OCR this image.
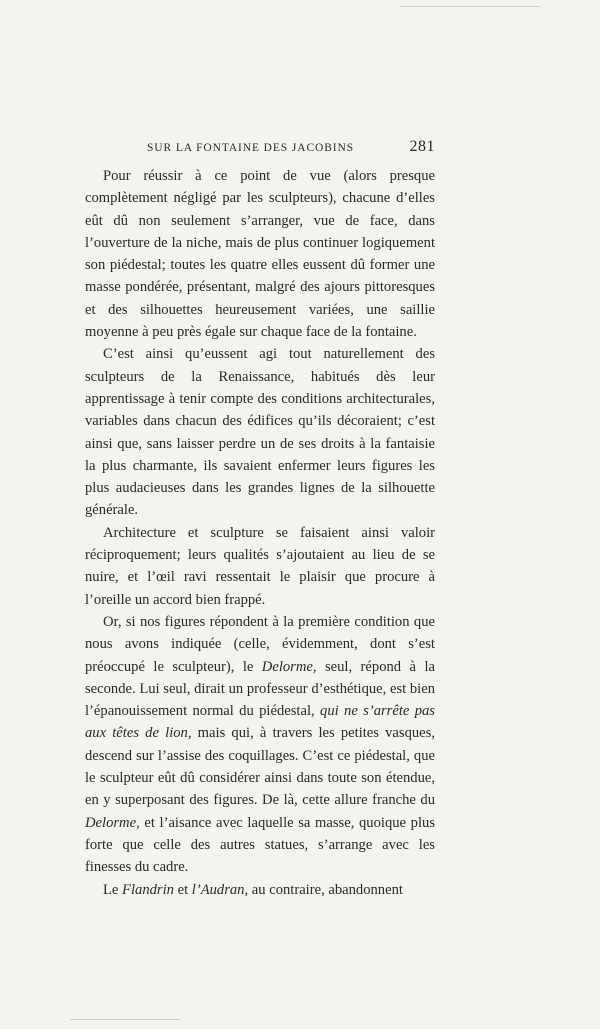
SUR LA FONTAINE DES JACOBINS	281

Pour réussir à ce point de vue (alors presque complètement négligé par les sculpteurs), chacune d’elles eût dû non seulement s’arranger, vue de face, dans l’ouverture de la niche, mais de plus continuer logiquement son piédestal; toutes les quatre elles eussent dû former une masse pondérée, présentant, malgré des ajours pittoresques et des silhouettes heureusement variées, une saillie moyenne à peu près égale sur chaque face de la fontaine.

C’est ainsi qu’eussent agi tout naturellement des sculpteurs de la Renaissance, habitués dès leur apprentissage à tenir compte des conditions architecturales, variables dans chacun des édifices qu’ils décoraient; c’est ainsi que, sans laisser perdre un de ses droits à la fantaisie la plus charmante, ils savaient enfermer leurs figures les plus audacieuses dans les grandes lignes de la silhouette générale.

Architecture et sculpture se faisaient ainsi valoir réciproquement; leurs qualités s’ajoutaient au lieu de se nuire, et l’œil ravi ressentait le plaisir que procure à l’oreille un accord bien frappé.

Or, si nos figures répondent à la première condition que nous avons indiquée (celle, évidemment, dont s’est préoccupé le sculpteur), le Delorme, seul, répond à la seconde. Lui seul, dirait un professeur d’esthétique, est bien l’épanouissement normal du piédestal, qui ne s’arrête pas aux têtes de lion, mais qui, à travers les petites vasques, descend sur l’assise des coquillages. C’est ce piédestal, que le sculpteur eût dû considérer ainsi dans toute son étendue, en y superposant des figures. De là, cette allure franche du Delorme, et l’aisance avec laquelle sa masse, quoique plus forte que celle des autres statues, s’arrange avec les finesses du cadre.

Le Flandrin et l’Audran, au contraire, abandonnent
